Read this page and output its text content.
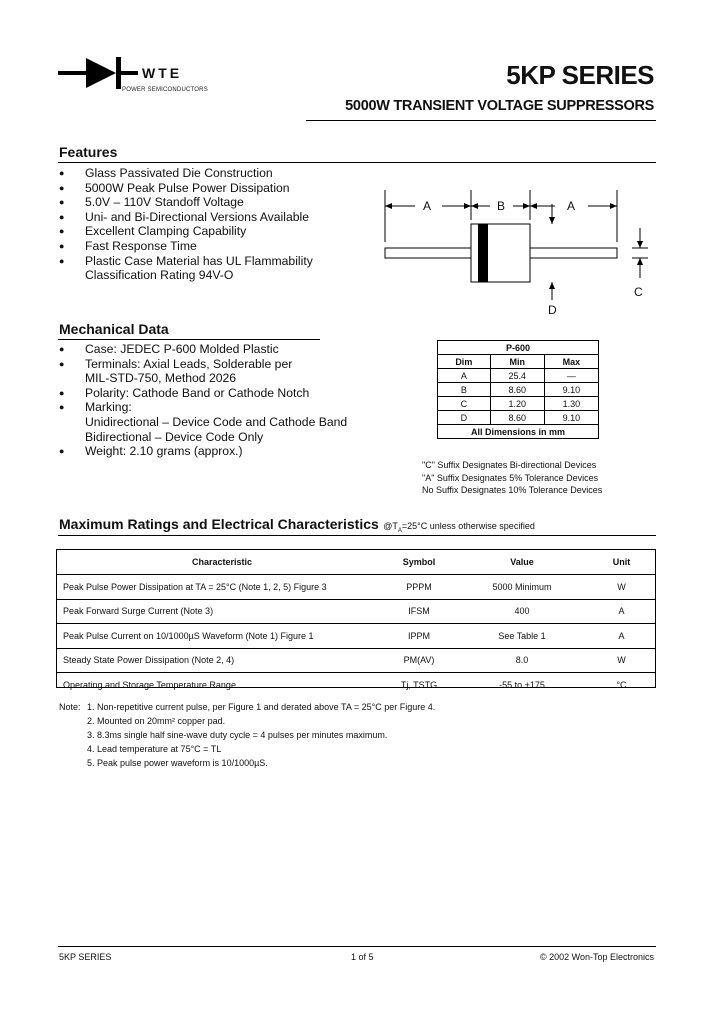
WTE
POWER SEMICONDUCTORS	5KP SERIES
5000W TRANSIENT VOLTAGE SUPPRESSORS
Features
● Glass Passivated Die Construction
● 5000W Peak Pulse Power Dissipation
● 5.0V – 110V Standoff Voltage
● Uni- and Bi-Directional Versions Available
● Excellent Clamping Capability
● Fast Response Time
● Plastic Case Material has UL Flammability
Classification Rating 94V-O
A	B	A
C
D
Mechanical Data
● Case: JEDEC P-600 Molded Plastic
● Terminals: Axial Leads, Solderable per
MIL-STD-750, Method 2026
● Polarity: Cathode Band or Cathode Notch
● Marking:
Unidirectional – Device Code and Cathode Band
Bidirectional – Device Code Only
● Weight: 2.10 grams (approx.)
P-600		
Dim	Min	Max
A	25.4	—
B	8.60	9.10
C	1.20	1.30
D	8.60	9.10
All Dimensions in mm		
"C" Suffix Designates Bi-directional Devices
"A" Suffix Designates 5% Tolerance Devices
No Suffix Designates 10% Tolerance Devices
Maximum Ratings and Electrical Characteristics $@T_A=25^\circ C$ unless otherwise specified
Characteristic	Symbol	Value	Unit
Peak Pulse Power Dissipation at TA = 25°C (Note 1, 2, 5) Figure 3	PPPM	5000 Minimum	W
Peak Forward Surge Current (Note 3)	IFSM	400	A
Peak Pulse Current on 10/1000µS Waveform (Note 1) Figure 1	IPPM	See Table 1	A
Steady State Power Dissipation (Note 2, 4)	PM(AV)	8.0	W
Operating and Storage Temperature Range	Tj, TSTG	-55 to +175	°C
Note: 1. Non-repetitive current pulse, per Figure 1 and derated above TA = 25°C per Figure 4.
2. Mounted on 20mm² copper pad.
3. 8.3ms single half sine-wave duty cycle = 4 pulses per minutes maximum.
4. Lead temperature at 75°C = TL
5. Peak pulse power waveform is 10/1000µS.
5KP SERIES	1 of 5	© 2002 Won-Top Electronics
